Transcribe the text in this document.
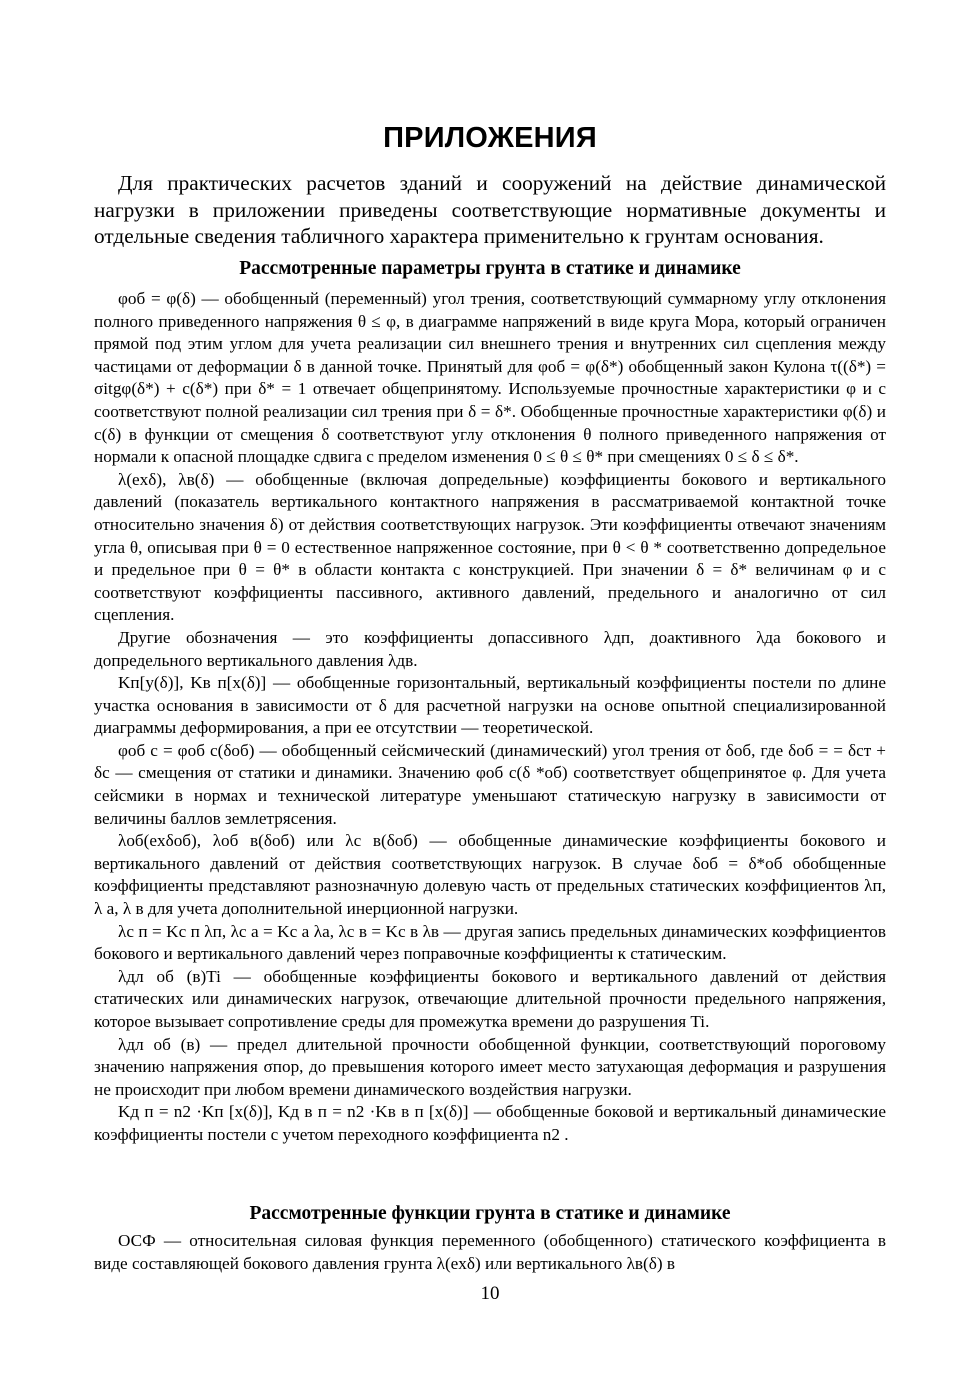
ПРИЛОЖЕНИЯ

Для практических расчетов зданий и сооружений на действие динамической нагрузки в приложении приведены соответствующие нормативные документы и отдельные сведения табличного характера применительно к грунтам основания.

Рассмотренные параметры грунта в статике и динамике

φоб = φ(δ) — обобщенный (переменный) угол трения, соответствующий суммарному углу отклонения полного приведенного напряжения θ ≤ φ, в диаграмме напряжений в виде круга Мора, который ограничен прямой под этим углом для учета реализации сил внешнего трения и внутренних сил сцепления между частицами от деформации δ в данной точке. Принятый для φоб = φ(δ*) обобщенный закон Кулона τ((δ*) = σitgφ(δ*) + c(δ*) при δ* = 1 отвечает общепринятому. Используемые прочностные характеристики φ и c соответствуют полной реализации сил трения при δ = δ*. Обобщенные прочностные характеристики φ(δ) и c(δ) в функции от смещения δ соответствуют углу отклонения θ полного приведенного напряжения от нормали к опасной площадке сдвига с пределом изменения 0 ≤ θ ≤ θ* при смещениях 0 ≤ δ ≤ δ*.

λ(exδ), λв(δ) — обобщенные (включая допредельные) коэффициенты бокового и вертикального давлений (показатель вертикального контактного напряжения в рассматриваемой контактной точке относительно значения δ) от действия соответствующих нагрузок. Эти коэффициенты отвечают значениям угла θ, описывая при θ = 0 естественное напряженное состояние, при θ < θ * соответственно допредельное и предельное при θ = θ* в области контакта с конструкцией. При значении δ = δ* величинам φ и c соответствуют коэффициенты пассивного, активного давлений, предельного и аналогично от сил сцепления.

Другие обозначения — это коэффициенты допассивного λдп, доактивного λда бокового и допредельного вертикального давления λдв.

Kп[y(δ)], Kв п[x(δ)] — обобщенные горизонтальный, вертикальный коэффициенты постели по длине участка основания в зависимости от δ для расчетной нагрузки на основе опытной специализированной диаграммы деформирования, а при ее отсутствии — теоретической.

φоб с = φоб с(δоб) — обобщенный сейсмический (динамический) угол трения от δоб, где δоб = = δст + δс — смещения от статики и динамики. Значению φоб с(δ *об) соответствует общепринятое φ. Для учета сейсмики в нормах и технической литературе уменьшают статическую нагрузку в зависимости от величины баллов землетрясения.

λоб(exδоб), λоб в(δоб) или λс в(δоб) — обобщенные динамические коэффициенты бокового и вертикального давлений от действия соответствующих нагрузок. В случае δоб = δ*об обобщенные коэффициенты представляют разнозначную долевую часть от предельных статических коэффициентов λп, λ а, λ в для учета дополнительной инерционной нагрузки.

λс п = Kс п λп, λс а = Kс а λа, λс в = Kс в λв — другая запись предельных динамических коэффициентов бокового и вертикального давлений через поправочные коэффициенты к статическим.

λдл об (в)Ti — обобщенные коэффициенты бокового и вертикального давлений от действия статических или динамических нагрузок, отвечающие длительной прочности предельного напряжения, которое вызывает сопротивление среды для промежутка времени до разрушения Ti.

λдл об (в) — предел длительной прочности обобщенной функции, соответствующий пороговому значению напряжения σпор, до превышения которого имеет место затухающая деформация и разрушения не происходит при любом времени динамического воздействия нагрузки.

Kд п = n2 ·Kп [x(δ)], Kд в п = n2 ·Kв в п [x(δ)] — обобщенные боковой и вертикальный динамические коэффициенты постели с учетом переходного коэффициента n2 .

Рассмотренные функции грунта в статике и динамике

ОСФ — относительная силовая функция переменного (обобщенного) статического коэффициента в виде составляющей бокового давления грунта λ(exδ) или вертикального λв(δ) в

10
